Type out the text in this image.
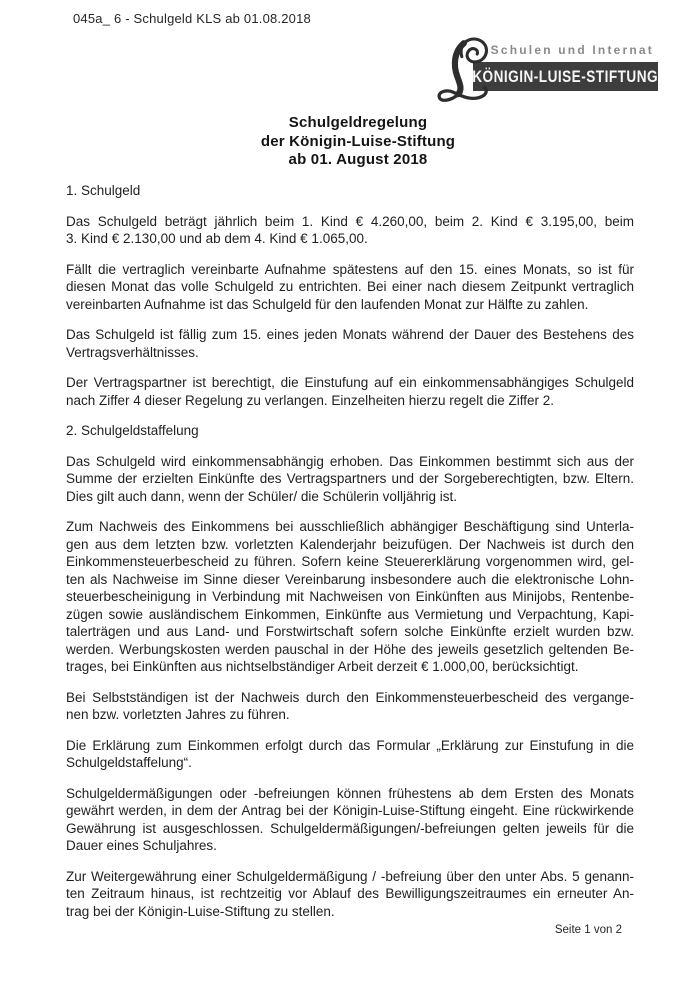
045a_ 6 - Schulgeld KLS ab 01.08.2018
Schulen und Internat
KÖNIGIN-LUISE-STIFTUNG
Schulgeldregelung
der Königin-Luise-Stiftung
ab 01. August 2018
1. Schulgeld
Das Schulgeld beträgt jährlich beim 1. Kind € 4.260,00, beim 2. Kind € 3.195,00, beim
3. Kind € 2.130,00 und ab dem 4. Kind € 1.065,00.
Fällt die vertraglich vereinbarte Aufnahme spätestens auf den 15. eines Monats, so ist für
diesen Monat das volle Schulgeld zu entrichten. Bei einer nach diesem Zeitpunkt vertraglich
vereinbarten Aufnahme ist das Schulgeld für den laufenden Monat zur Hälfte zu zahlen.
Das Schulgeld ist fällig zum 15. eines jeden Monats während der Dauer des Bestehens des
Vertragsverhältnisses.
Der Vertragspartner ist berechtigt, die Einstufung auf ein einkommensabhängiges Schulgeld
nach Ziffer 4 dieser Regelung zu verlangen. Einzelheiten hierzu regelt die Ziffer 2.
2. Schulgeldstaffelung
Das Schulgeld wird einkommensabhängig erhoben. Das Einkommen bestimmt sich aus der
Summe der erzielten Einkünfte des Vertragspartners und der Sorgeberechtigten, bzw. Eltern.
Dies gilt auch dann, wenn der Schüler/ die Schülerin volljährig ist.
Zum Nachweis des Einkommens bei ausschließlich abhängiger Beschäftigung sind Unterla-
gen aus dem letzten bzw. vorletzten Kalenderjahr beizufügen. Der Nachweis ist durch den
Einkommensteuerbescheid zu führen. Sofern keine Steuererklärung vorgenommen wird, gel-
ten als Nachweise im Sinne dieser Vereinbarung insbesondere auch die elektronische Lohn-
steuerbescheinigung in Verbindung mit Nachweisen von Einkünften aus Minijobs, Rentenbe-
zügen sowie ausländischem Einkommen, Einkünfte aus Vermietung und Verpachtung, Kapi-
talerträgen und aus Land- und Forstwirtschaft sofern solche Einkünfte erzielt wurden bzw.
werden. Werbungskosten werden pauschal in der Höhe des jeweils gesetzlich geltenden Be-
trages, bei Einkünften aus nichtselbständiger Arbeit derzeit € 1.000,00, berücksichtigt.
Bei Selbstständigen ist der Nachweis durch den Einkommensteuerbescheid des vergange-
nen bzw. vorletzten Jahres zu führen.
Die Erklärung zum Einkommen erfolgt durch das Formular „Erklärung zur Einstufung in die
Schulgeldstaffelung“.
Schulgeldermäßigungen oder -befreiungen können frühestens ab dem Ersten des Monats
gewährt werden, in dem der Antrag bei der Königin-Luise-Stiftung eingeht. Eine rückwirkende
Gewährung ist ausgeschlossen. Schulgeldermäßigungen/-befreiungen gelten jeweils für die
Dauer eines Schuljahres.
Zur Weitergewährung einer Schulgeldermäßigung / -befreiung über den unter Abs. 5 genann-
ten Zeitraum hinaus, ist rechtzeitig vor Ablauf des Bewilligungszeitraumes ein erneuter An-
trag bei der Königin-Luise-Stiftung zu stellen.
Seite 1 von 2
